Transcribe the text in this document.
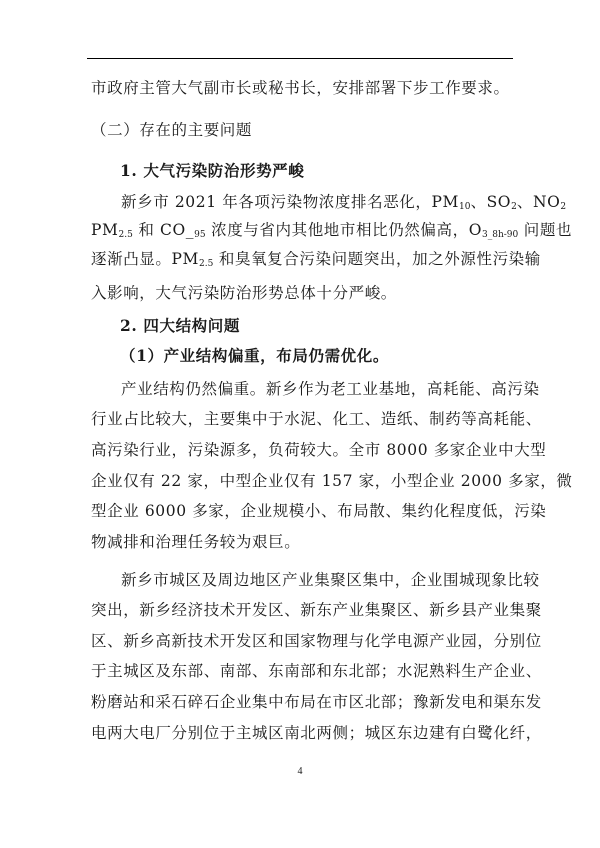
市政府主管大气副市长或秘书长，安排部署下步工作要求。
（二）存在的主要问题
1. 大气污染防治形势严峻
新乡市 2021 年各项污染物浓度排名恶化，$PM_{10}$、$SO_2$、$NO_2$
$PM_{2.5}$ 和 $CO\__{95}$ 浓度与省内其他地市相比仍然偏高，$O_{3\_8h-90}$ 问题也
逐渐凸显。$PM_{2.5}$ 和臭氧复合污染问题突出，加之外源性污染输
入影响，大气污染防治形势总体十分严峻。
2. 四大结构问题
（1）产业结构偏重，布局仍需优化。
产业结构仍然偏重。新乡作为老工业基地，高耗能、高污染
行业占比较大，主要集中于水泥、化工、造纸、制药等高耗能、
高污染行业，污染源多，负荷较大。全市 8000 多家企业中大型
企业仅有 22 家，中型企业仅有 157 家，小型企业 2000 多家，微
型企业 6000 多家，企业规模小、布局散、集约化程度低，污染
物减排和治理任务较为艰巨。
新乡市城区及周边地区产业集聚区集中，企业围城现象比较
突出，新乡经济技术开发区、新东产业集聚区、新乡县产业集聚
区、新乡高新技术开发区和国家物理与化学电源产业园，分别位
于主城区及东部、南部、东南部和东北部；水泥熟料生产企业、
粉磨站和采石碎石企业集中布局在市区北部；豫新发电和渠东发
电两大电厂分别位于主城区南北两侧；城区东边建有白鹭化纤，
4
